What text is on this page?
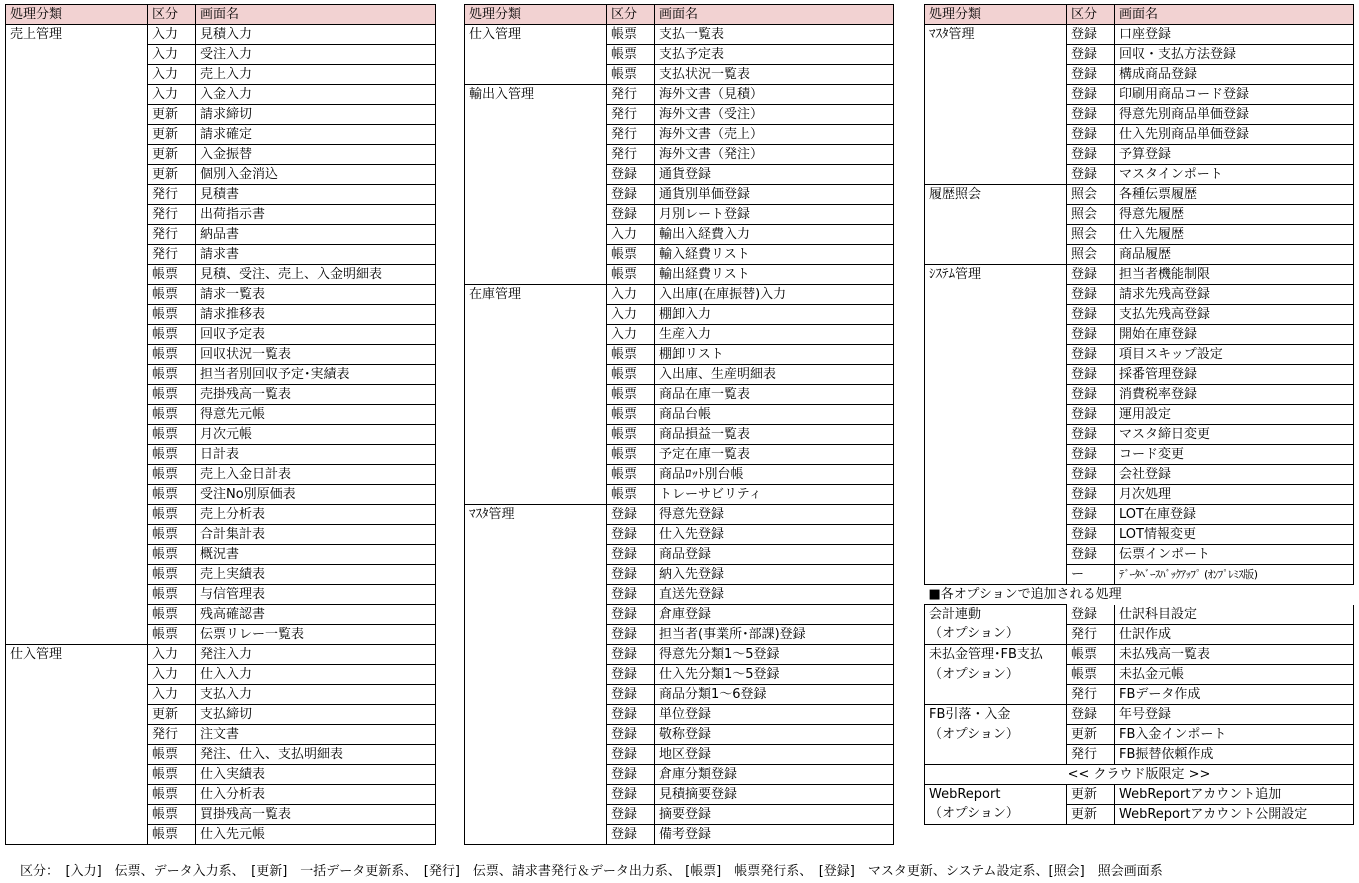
処理分類	区分	画面名
売上管理	入力	見積入力
	入力	受注入力
	入力	売上入力
	入力	入金入力
	更新	請求締切
	更新	請求確定
	更新	入金振替
	更新	個別入金消込
	発行	見積書
	発行	出荷指示書
	発行	納品書
	発行	請求書
	帳票	見積、受注、売上、入金明細表
	帳票	請求一覧表
	帳票	請求推移表
	帳票	回収予定表
	帳票	回収状況一覧表
	帳票	担当者別回収予定･実績表
	帳票	売掛残高一覧表
	帳票	得意先元帳
	帳票	月次元帳
	帳票	日計表
	帳票	売上入金日計表
	帳票	受注No別原価表
	帳票	売上分析表
	帳票	合計集計表
	帳票	概況書
	帳票	売上実績表
	帳票	与信管理表
	帳票	残高確認書
	帳票	伝票リレー一覧表
仕入管理	入力	発注入力
	入力	仕入入力
	入力	支払入力
	更新	支払締切
	発行	注文書
	帳票	発注、仕入、支払明細表
	帳票	仕入実績表
	帳票	仕入分析表
	帳票	買掛残高一覧表
	帳票	仕入先元帳
処理分類	区分	画面名
仕入管理	帳票	支払一覧表
	帳票	支払予定表
	帳票	支払状況一覧表
輸出入管理	発行	海外文書（見積）
	発行	海外文書（受注）
	発行	海外文書（売上）
	発行	海外文書（発注）
	登録	通貨登録
	登録	通貨別単価登録
	登録	月別レート登録
	入力	輸出入経費入力
	帳票	輸入経費リスト
	帳票	輸出経費リスト
在庫管理	入力	入出庫(在庫振替)入力
	入力	棚卸入力
	入力	生産入力
	帳票	棚卸リスト
	帳票	入出庫、生産明細表
	帳票	商品在庫一覧表
	帳票	商品台帳
	帳票	商品損益一覧表
	帳票	予定在庫一覧表
	帳票	商品ﾛｯﾄ別台帳
	帳票	トレーサビリティ
ﾏｽﾀ管理	登録	得意先登録
	登録	仕入先登録
	登録	商品登録
	登録	納入先登録
	登録	直送先登録
	登録	倉庫登録
	登録	担当者(事業所･部課)登録
	登録	得意先分類1～5登録
	登録	仕入先分類1～5登録
	登録	商品分類1～6登録
	登録	単位登録
	登録	敬称登録
	登録	地区登録
	登録	倉庫分類登録
	登録	見積摘要登録
	登録	摘要登録
	登録	備考登録
処理分類	区分	画面名
ﾏｽﾀ管理	登録	口座登録
	登録	回収・支払方法登録
	登録	構成商品登録
	登録	印刷用商品コード登録
	登録	得意先別商品単価登録
	登録	仕入先別商品単価登録
	登録	予算登録
	登録	マスタインポート
履歴照会	照会	各種伝票履歴
	照会	得意先履歴
	照会	仕入先履歴
	照会	商品履歴
ｼｽﾃﾑ管理	登録	担当者機能制限
	登録	請求先残高登録
	登録	支払先残高登録
	登録	開始在庫登録
	登録	項目スキップ設定
	登録	採番管理登録
	登録	消費税率登録
	登録	運用設定
	登録	マスタ締日変更
	登録	コード変更
	登録	会社登録
	登録	月次処理
	登録	LOT在庫登録
	登録	LOT情報変更
	登録	伝票インポート
	ー	ﾃﾞｰﾀﾍﾞｰｽﾊﾞｯｸｱｯﾌﾟ (ｵﾝﾌﾟﾚﾐｽ版)
■各オプションで追加される処理		
会計連動	登録	仕訳科目設定
（オプション）	発行	仕訳作成
未払金管理･FB支払	帳票	未払残高一覧表
（オプション）	帳票	未払金元帳
	発行	FBデータ作成
FB引落・入金	登録	年号登録
（オプション）	更新	FB入金インポート
	発行	FB振替依頼作成
<< クラウド版限定 >>		
WebReport	更新	WebReportアカウント追加
（オプション）	更新	WebReportアカウント公開設定
区分：　[入力]　伝票、データ入力系、　[更新]　一括データ更新系、　[発行]　伝票、請求書発行＆データ出力系、 [帳票]　帳票発行系、　[登録]　マスタ更新、システム設定系、[照会]　照会画面系
